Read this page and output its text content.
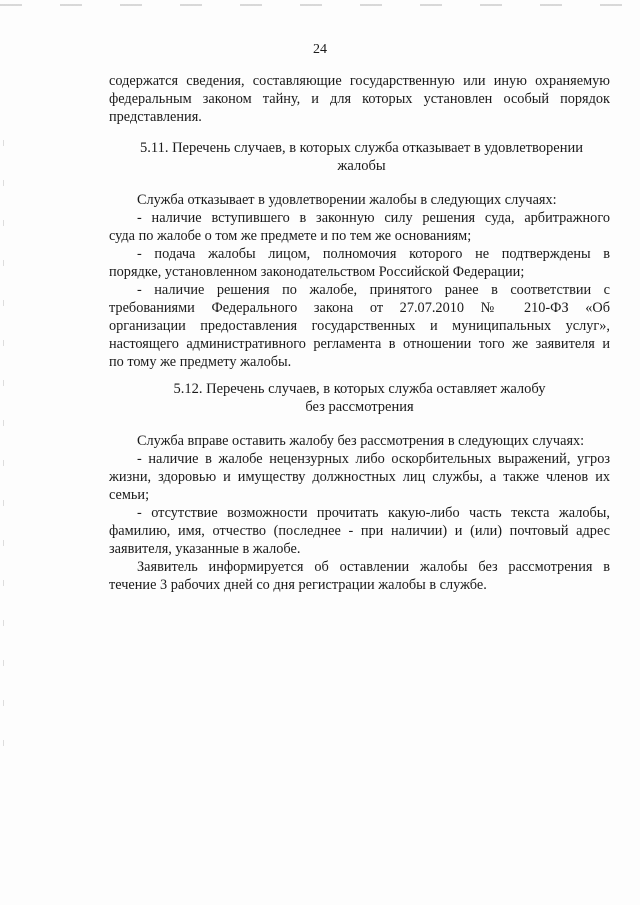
24
содержатся сведения, составляющие государственную или иную охраняемую
федеральным законом тайну, и для которых установлен особый порядок
представления.
5.11. Перечень случаев, в которых служба отказывает в удовлетворении
жалобы
Служба отказывает в удовлетворении жалобы в следующих случаях:
- наличие вступившего в законную силу решения суда, арбитражного
суда по жалобе о том же предмете и по тем же основаниям;
- подача жалобы лицом, полномочия которого не подтверждены в
порядке, установленном законодательством Российской Федерации;
- наличие решения по жалобе, принятого ранее в соответствии с
требованиями Федерального закона от 27.07.2010 № 210-ФЗ «Об
организации предоставления государственных и муниципальных услуг»,
настоящего административного регламента в отношении того же заявителя и
по тому же предмету жалобы.
5.12. Перечень случаев, в которых служба оставляет жалобу
без рассмотрения
Служба вправе оставить жалобу без рассмотрения в следующих случаях:
- наличие в жалобе нецензурных либо оскорбительных выражений, угроз
жизни, здоровью и имуществу должностных лиц службы, а также членов их
семьи;
- отсутствие возможности прочитать какую-либо часть текста жалобы,
фамилию, имя, отчество (последнее - при наличии) и (или) почтовый адрес
заявителя, указанные в жалобе.
Заявитель информируется об оставлении жалобы без рассмотрения в
течение 3 рабочих дней со дня регистрации жалобы в службе.
